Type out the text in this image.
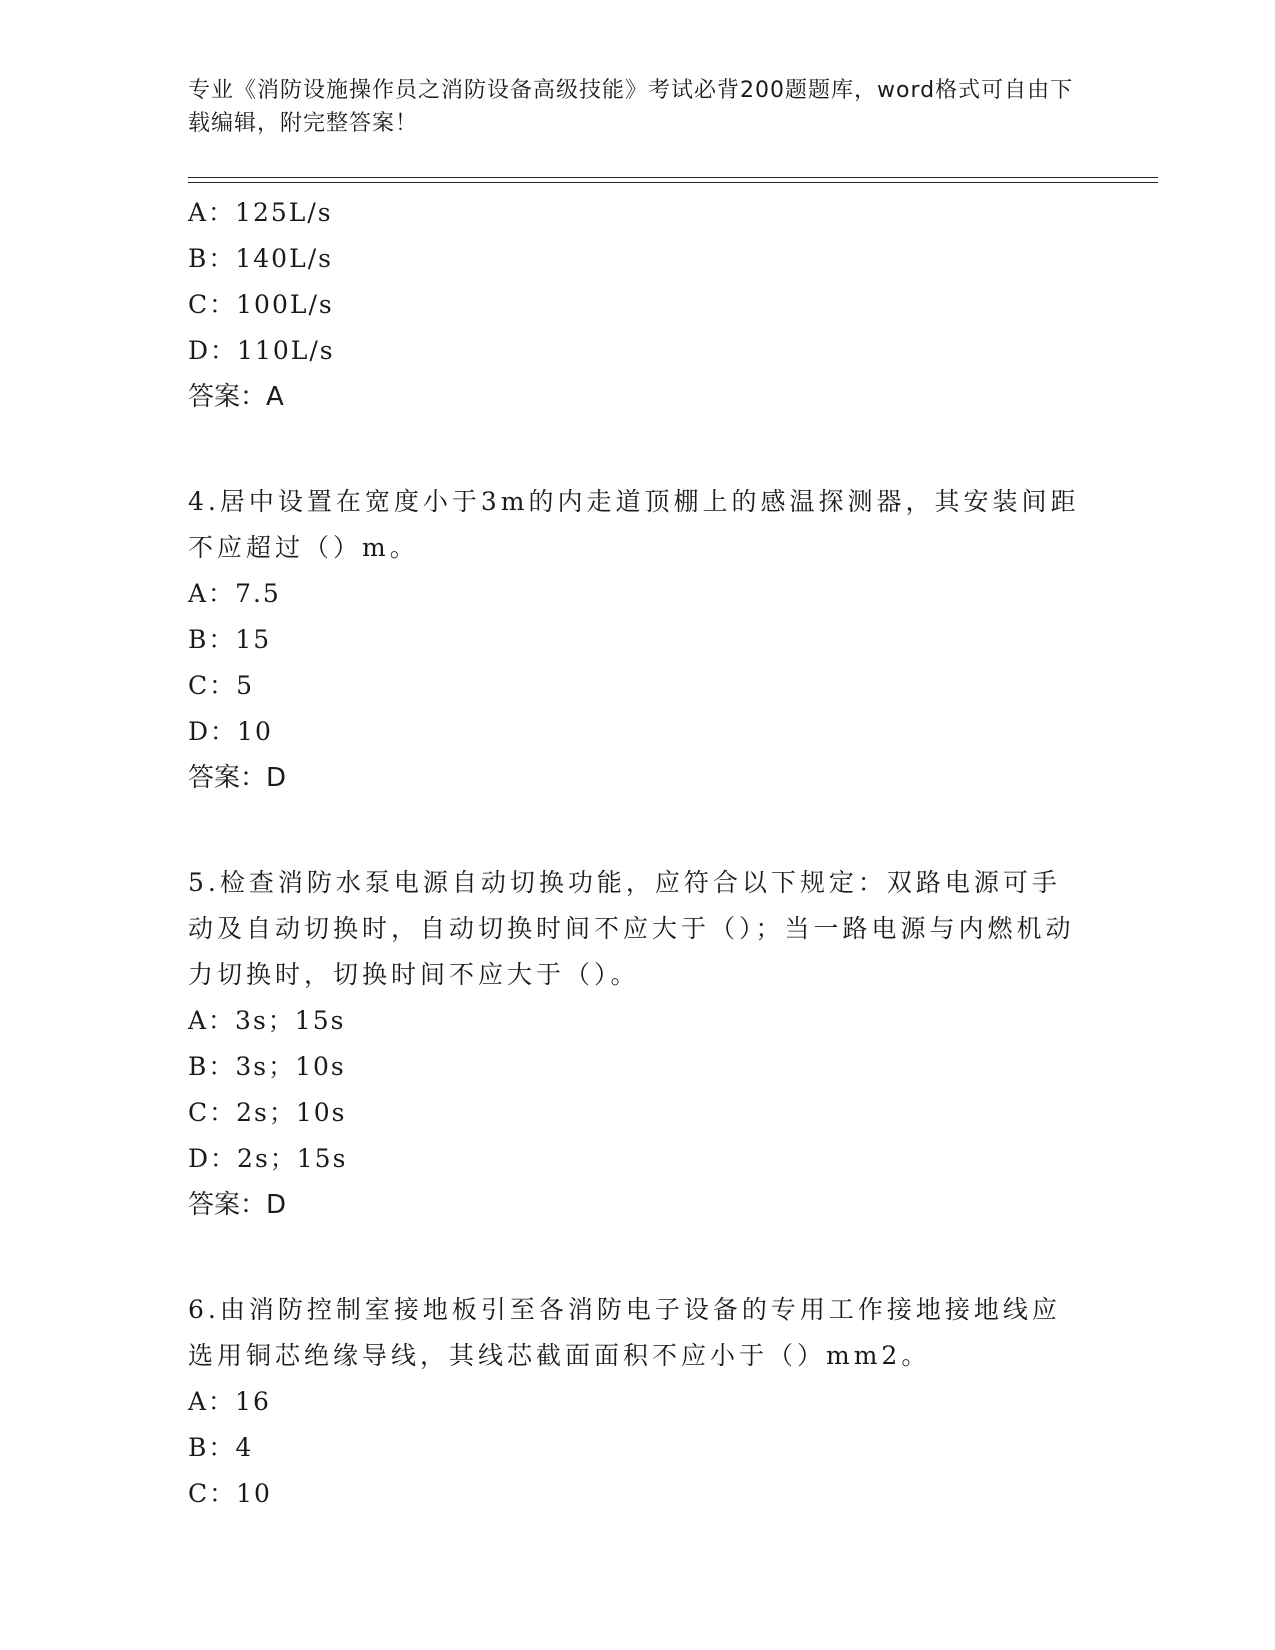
专业《消防设施操作员之消防设备高级技能》考试必背200题题库，word格式可自由下载编辑，附完整答案！
A：125L/s
B：140L/s
C：100L/s
D：110L/s
答案：A
4.居中设置在宽度小于3m的内走道顶棚上的感温探测器，其安装间距不应超过（）m。
A：7.5
B：15
C：5
D：10
答案：D
5.检查消防水泵电源自动切换功能，应符合以下规定：双路电源可手动及自动切换时，自动切换时间不应大于（）；当一路电源与内燃机动力切换时，切换时间不应大于（）。
A：3s；15s
B：3s；10s
C：2s；10s
D：2s；15s
答案：D
6.由消防控制室接地板引至各消防电子设备的专用工作接地接地线应选用铜芯绝缘导线，其线芯截面面积不应小于（）mm2。
A：16
B：4
C：10
